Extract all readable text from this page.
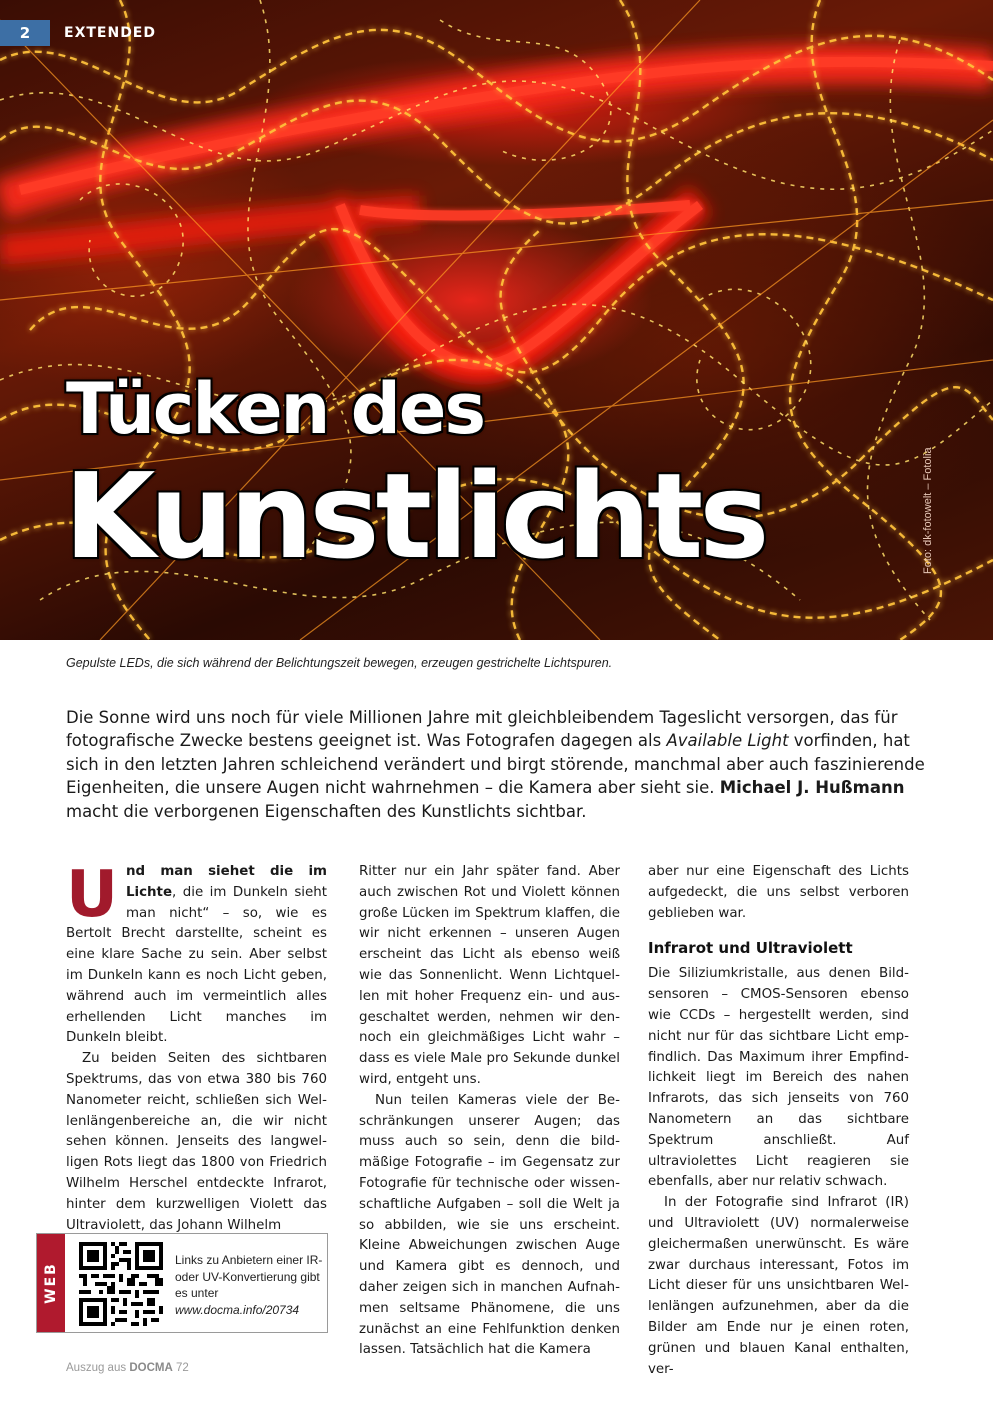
2	EXTENDED
Tücken des
Kunstlichts	Foto: dk-fotowelt – Fotolia
Gepulste LEDs, die sich während der Belichtungszeit bewegen, erzeugen gestrichelte Lichtspuren.
Die Sonne wird uns noch für viele Millionen Jahre mit gleichbleibendem Tageslicht versorgen, das für fotografische Zwecke bestens geeignet ist. Was Fotografen dagegen als Available Light vorfinden, hat sich in den letzten Jahren schleichend verändert und birgt störende, manchmal aber auch faszinierende Eigenheiten, die unsere Augen nicht wahrnehmen – die Kamera aber sieht sie. Michael J. Hußmann macht die verborgenen Eigenschaften des Kunstlichts sichtbar.

Und man siehet die im Lichte, die im Dunkeln sieht man nicht“ – so, wie es Bertolt Brecht darstellte, scheint es eine klare Sache zu sein. Aber selbst im Dunkeln kann es noch Licht geben, während auch im vermeintlich alles erhellenden Licht manches im Dunkeln bleibt.

Zu beiden Seiten des sichtbaren Spektrums, das von etwa 380 bis 760 Nanometer reicht, schließen sich Wellenlängenbereiche an, die wir nicht sehen können. Jenseits des langwelligen Rots liegt das 1800 von Friedrich Wilhelm Herschel entdeckte Infrarot, hinter dem kurzwelligen Violett das Ultraviolett, das Johann Wilhelm

Ritter nur ein Jahr später fand. Aber auch zwischen Rot und Violett können große Lücken im Spektrum klaffen, die wir nicht erkennen – unseren Augen erscheint das Licht als ebenso weiß wie das Sonnenlicht. Wenn Lichtquellen mit hoher Frequenz ein- und ausgeschaltet werden, nehmen wir dennoch ein gleichmäßiges Licht wahr – dass es viele Male pro Sekunde dunkel wird, entgeht uns.

Nun teilen Kameras viele der Beschränkungen unserer Augen; das muss auch so sein, denn die bildmäßige Fotografie – im Gegensatz zur Fotografie für technische oder wissenschaftliche Aufgaben – soll die Welt ja so abbilden, wie sie uns erscheint. Kleine Abweichungen zwischen Auge und Kamera gibt es dennoch, und daher zeigen sich in manchen Aufnahmen seltsame Phänomene, die uns zunächst an eine Fehlfunktion denken lassen. Tatsächlich hat die Kamera

aber nur eine Eigenschaft des Lichts aufgedeckt, die uns selbst verboren geblieben war.

Infrarot und Ultraviolett

Die Siliziumkristalle, aus denen Bildsensoren – CMOS-Sensoren ebenso wie CCDs – hergestellt werden, sind nicht nur für das sichtbare Licht empfindlich. Das Maximum ihrer Empfindlichkeit liegt im Bereich des nahen Infrarots, das sich jenseits von 760 Nanometern an das sichtbare Spektrum anschließt. Auf ultraviolettes Licht reagieren sie ebenfalls, aber nur relativ schwach.

In der Fotografie sind Infrarot (IR) und Ultraviolett (UV) normalerweise gleichermaßen unerwünscht. Es wäre zwar durchaus interessant, Fotos im Licht dieser für uns unsichtbaren Wellenlängen aufzunehmen, aber da die Bilder am Ende nur je einen roten, grünen und blauen Kanal enthalten, ver-

WEB
Links zu Anbietern einer IR- oder UV-Konvertierung gibt es unter
www.docma.info/20734
Auszug aus DOCMA 72
